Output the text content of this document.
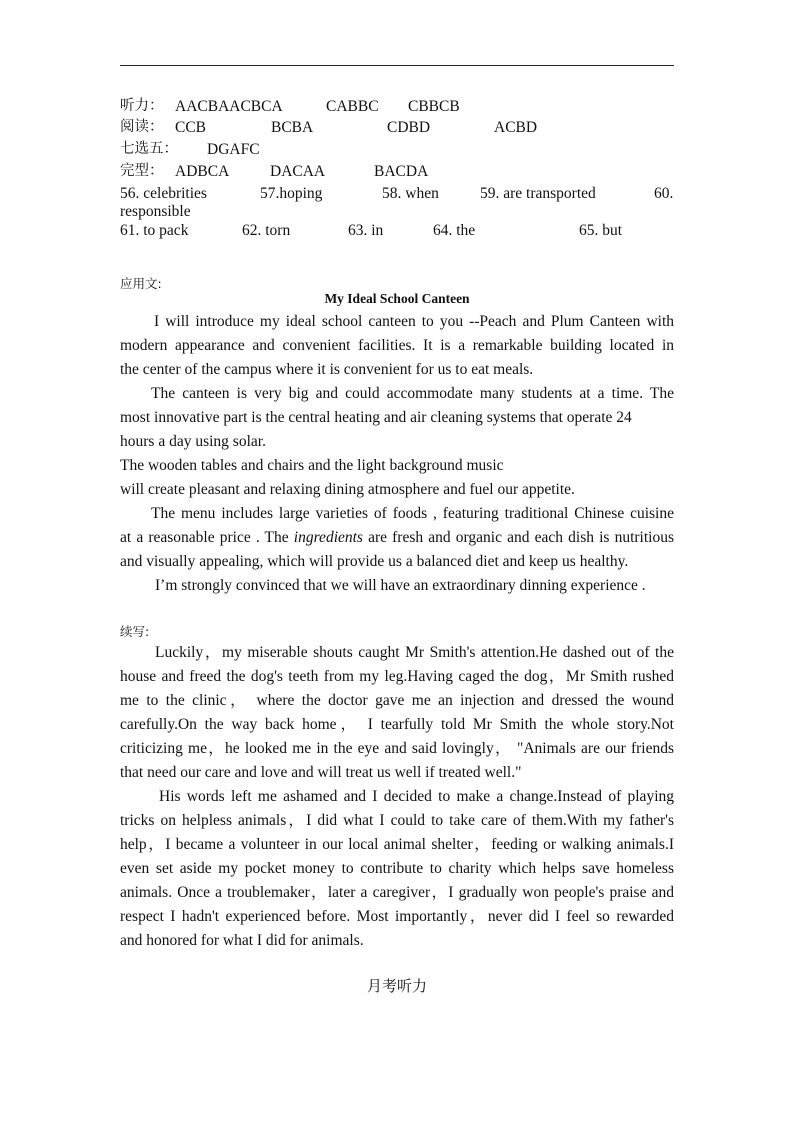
听力： AACBAACBCA	CABBC CBBCB
阅读： CCB	BCBA	CDBD	ACBD
七选五： DGAFC
完型： ADBCA	DACAA	BACDA
56. celebrities	57.hoping	58. when	59. are transported	60.
responsible
61. to pack	62. torn	63. in	64. the	65. but
应用文:
My Ideal School Canteen
I will introduce my ideal school canteen to you --Peach and Plum Canteen with
modern appearance and convenient facilities. It is a remarkable building located in
the center of the campus where it is convenient for us to eat meals.
The canteen is very big and could accommodate many students at a time. The
most innovative part is the central heating and air cleaning systems that operate 24
hours a day using solar.
The wooden tables and chairs and the light background music
will create pleasant and relaxing dining atmosphere and fuel our appetite.
The menu includes large varieties of foods , featuring traditional Chinese cuisine
at a reasonable price . The ingredients are fresh and organic and each dish is nutritious
and visually appealing, which will provide us a balanced diet and keep us healthy.
I’m strongly convinced that we will have an extraordinary dinning experience .
续写:
Luckily，my miserable shouts caught Mr Smith's attention.He dashed out of the
house and freed the dog's teeth from my leg.Having caged the dog，Mr Smith rushed
me to the clinic， where the doctor gave me an injection and dressed the wound
carefully.On the way back home， I tearfully told Mr Smith the whole story.Not
criticizing me，he looked me in the eye and said lovingly， "Animals are our friends
that need our care and love and will treat us well if treated well."
His words left me ashamed and I decided to make a change.Instead of playing
tricks on helpless animals，I did what I could to take care of them.With my father's
help，I became a volunteer in our local animal shelter，feeding or walking animals.I
even set aside my pocket money to contribute to charity which helps save homeless
animals. Once a troublemaker，later a caregiver，I gradually won people's praise and
respect I hadn't experienced before. Most importantly，never did I feel so rewarded
and honored for what I did for animals.
月考听力
